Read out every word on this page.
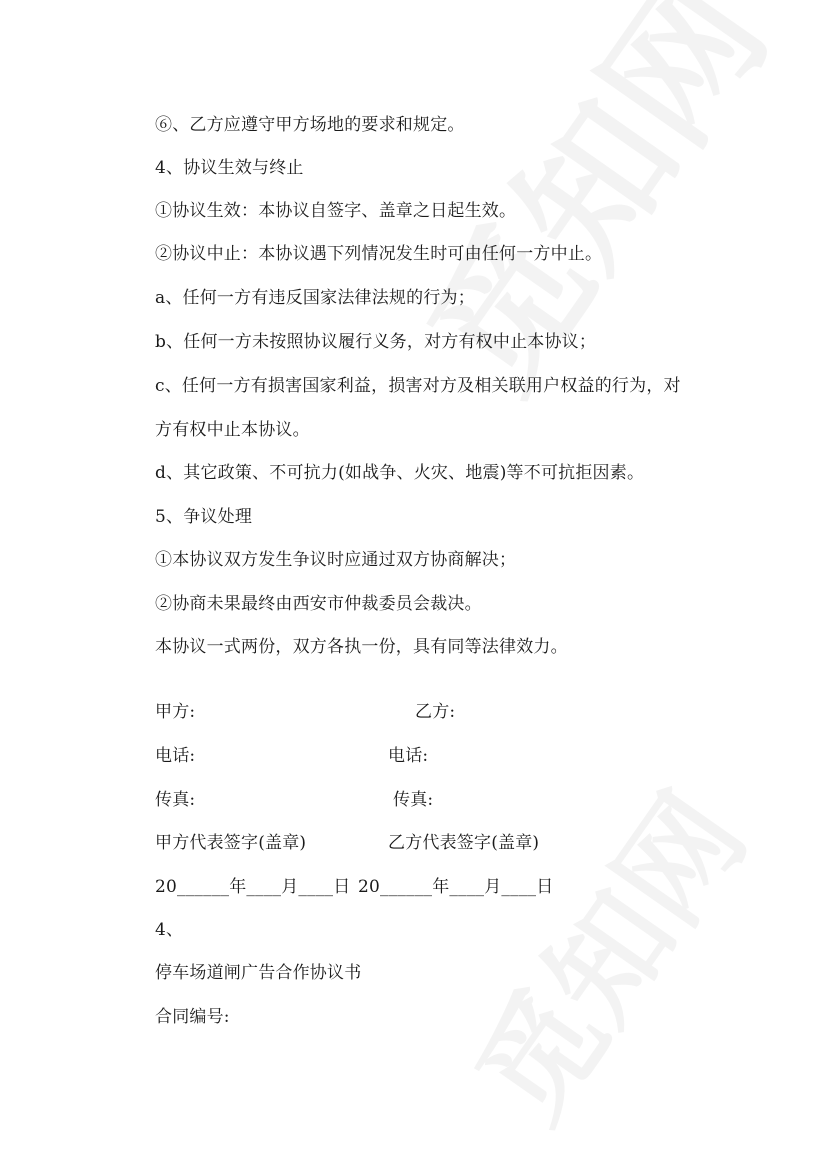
⑥、乙方应遵守甲方场地的要求和规定。
4、协议生效与终止
①协议生效：本协议自签字、盖章之日起生效。
②协议中止：本协议遇下列情况发生时可由任何一方中止。
a、任何一方有违反国家法律法规的行为；
b、任何一方未按照协议履行义务，对方有权中止本协议；
c、任何一方有损害国家利益，损害对方及相关联用户权益的行为，对
方有权中止本协议。
d、其它政策、不可抗力(如战争、火灾、地震)等不可抗拒因素。
5、争议处理
①本协议双方发生争议时应通过双方协商解决；
②协商未果最终由西安市仲裁委员会裁决。
本协议一式两份，双方各执一份，具有同等法律效力。
甲方:	乙方:
电话:	电话:
传真:	传真:
甲方代表签字(盖章)	乙方代表签字(盖章)
20______年____月____日 20______年____月____日
4、
停车场道闸广告合作协议书
合同编号:
